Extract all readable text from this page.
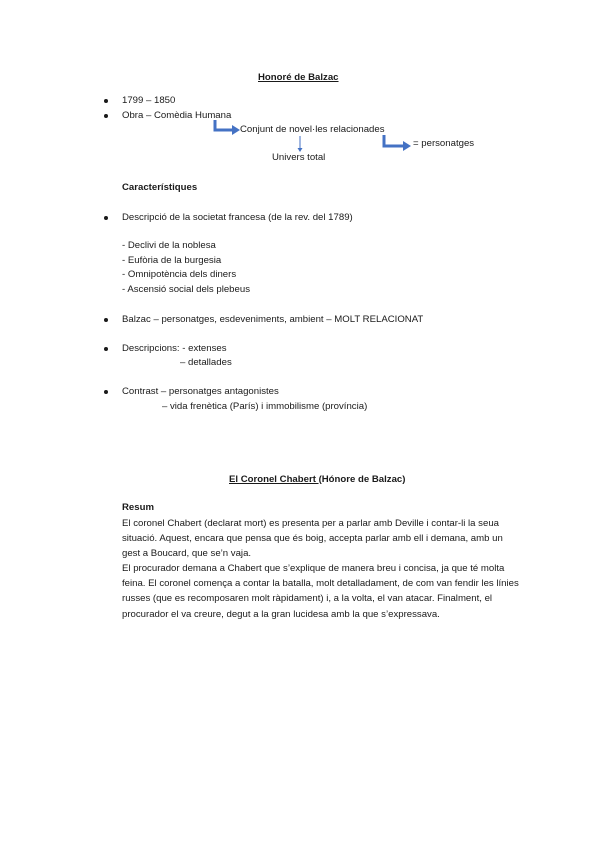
Honoré de Balzac
1799 – 1850
Obra – Comèdia Humana
Conjunt de novel·les relacionades
Univers total
= personatges
Característiques
Descripció de la societat francesa (de la rev. del 1789)
- Declivi de la noblesa
- Eufòria de la burgesia
- Omnipotència dels diners
- Ascensió social dels plebeus
Balzac – personatges, esdeveniments, ambient – MOLT RELACIONAT
Descripcions: - extenses
– detallades
Contrast – personatges antagonistes
– vida frenètica (París) i immobilisme (província)
El Coronel Chabert (Hónore de Balzac)
Resum
El coronel Chabert (declarat mort) es presenta per a parlar amb Deville i contar-li la seua situació. Aquest, encara que pensa que és boig, accepta parlar amb ell i demana, amb un gest a Boucard, que se’n vaja.
El procurador demana a Chabert que s’explique de manera breu i concisa, ja que té molta feina. El coronel comença a contar la batalla, molt detalladament, de com van fendir les línies russes (que es recomposaren molt ràpidament) i, a la volta, el van atacar. Finalment, el procurador el va creure, degut a la gran lucidesa amb la que s’expressava.
